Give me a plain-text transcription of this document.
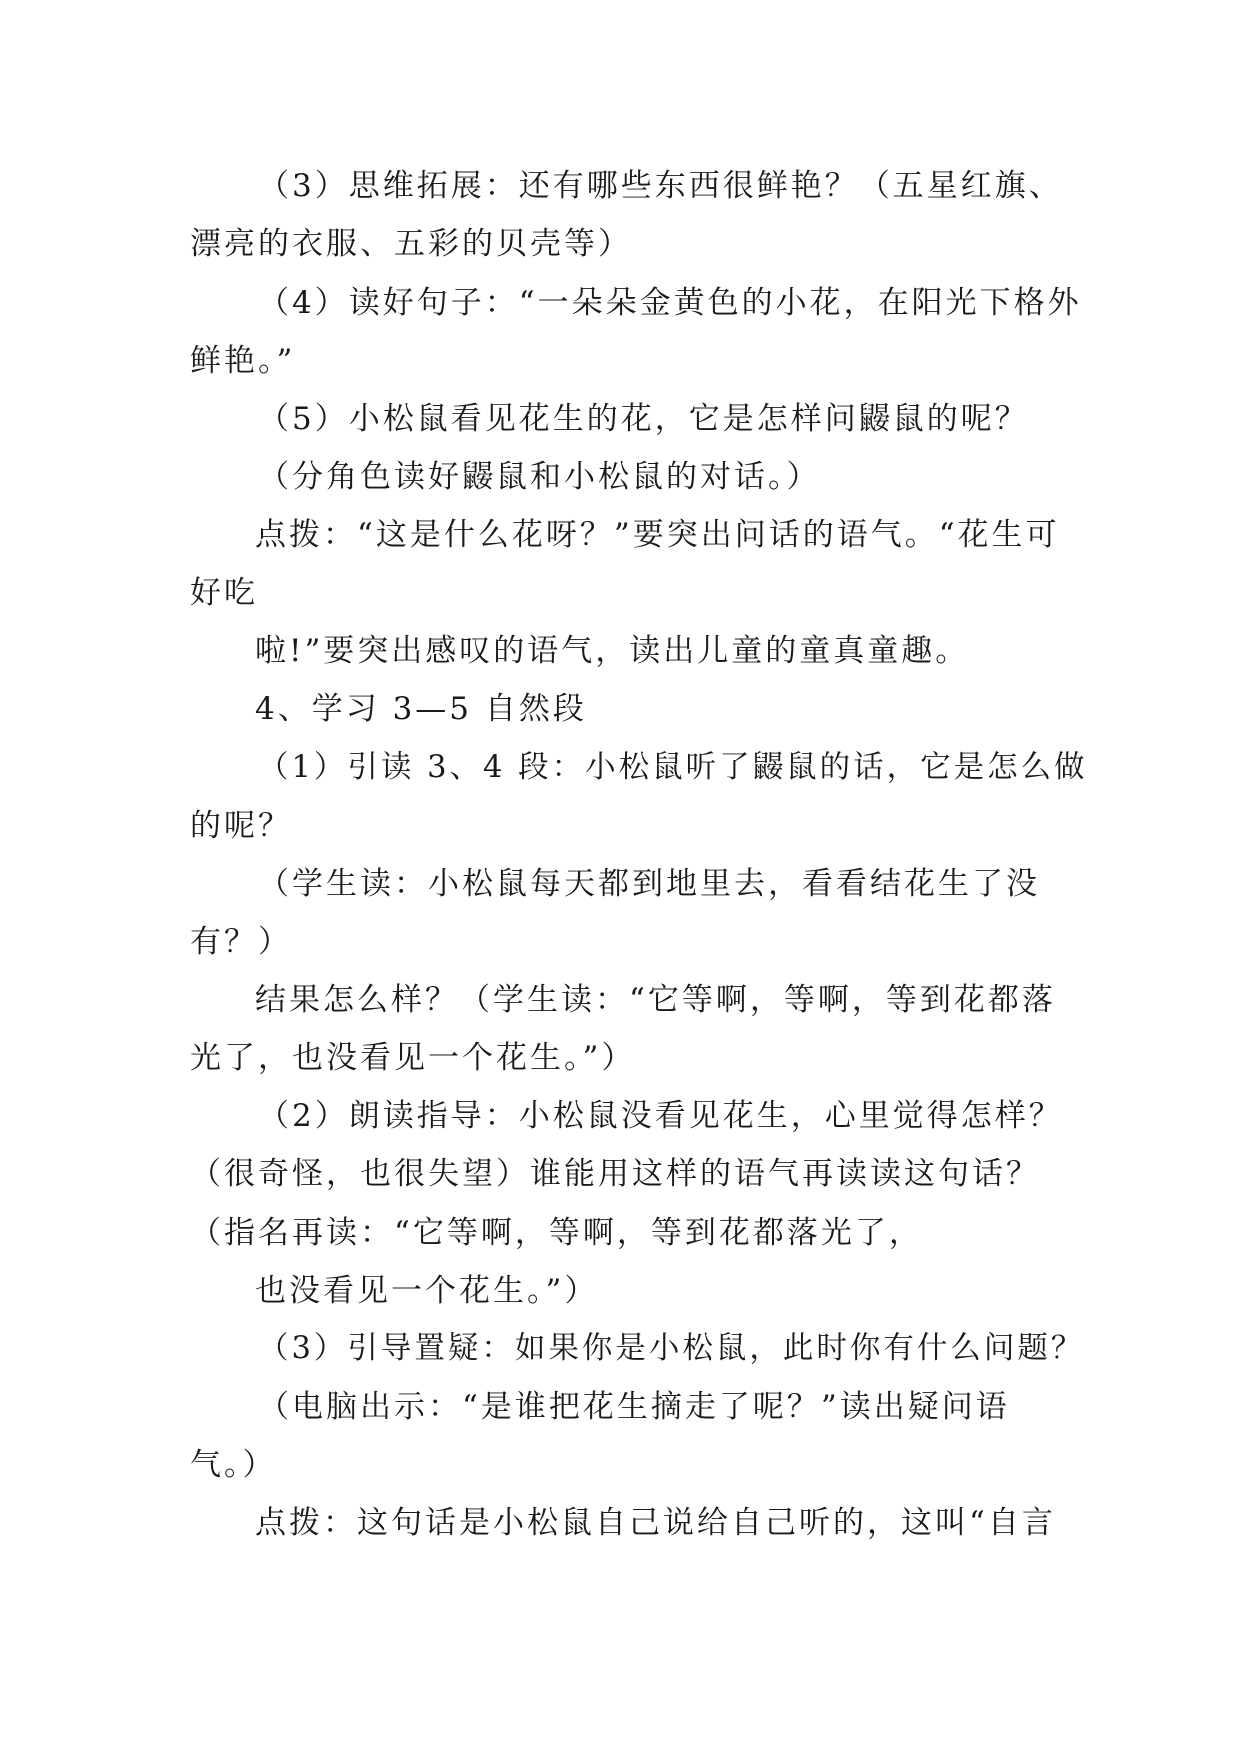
（3）思维拓展：还有哪些东西很鲜艳？（五星红旗、
漂亮的衣服、五彩的贝壳等）
（4）读好句子：“一朵朵金黄色的小花，在阳光下格外
鲜艳。”
（5）小松鼠看见花生的花，它是怎样问鼹鼠的呢？
（分角色读好鼹鼠和小松鼠的对话。）
点拨：“这是什么花呀？”要突出问话的语气。“花生可
好吃
啦!”要突出感叹的语气，读出儿童的童真童趣。
4、学习 3—5 自然段
（1）引读 3、4 段：小松鼠听了鼹鼠的话，它是怎么做
的呢？
（学生读：小松鼠每天都到地里去，看看结花生了没
有？）
结果怎么样？（学生读：“它等啊，等啊，等到花都落
光了，也没看见一个花生。”）
（2）朗读指导：小松鼠没看见花生，心里觉得怎样？
（很奇怪，也很失望）谁能用这样的语气再读读这句话？
（指名再读：“它等啊，等啊，等到花都落光了，
也没看见一个花生。”）
（3）引导置疑：如果你是小松鼠，此时你有什么问题？
（电脑出示：“是谁把花生摘走了呢？”读出疑问语
气。）
点拨：这句话是小松鼠自己说给自己听的，这叫“自言
